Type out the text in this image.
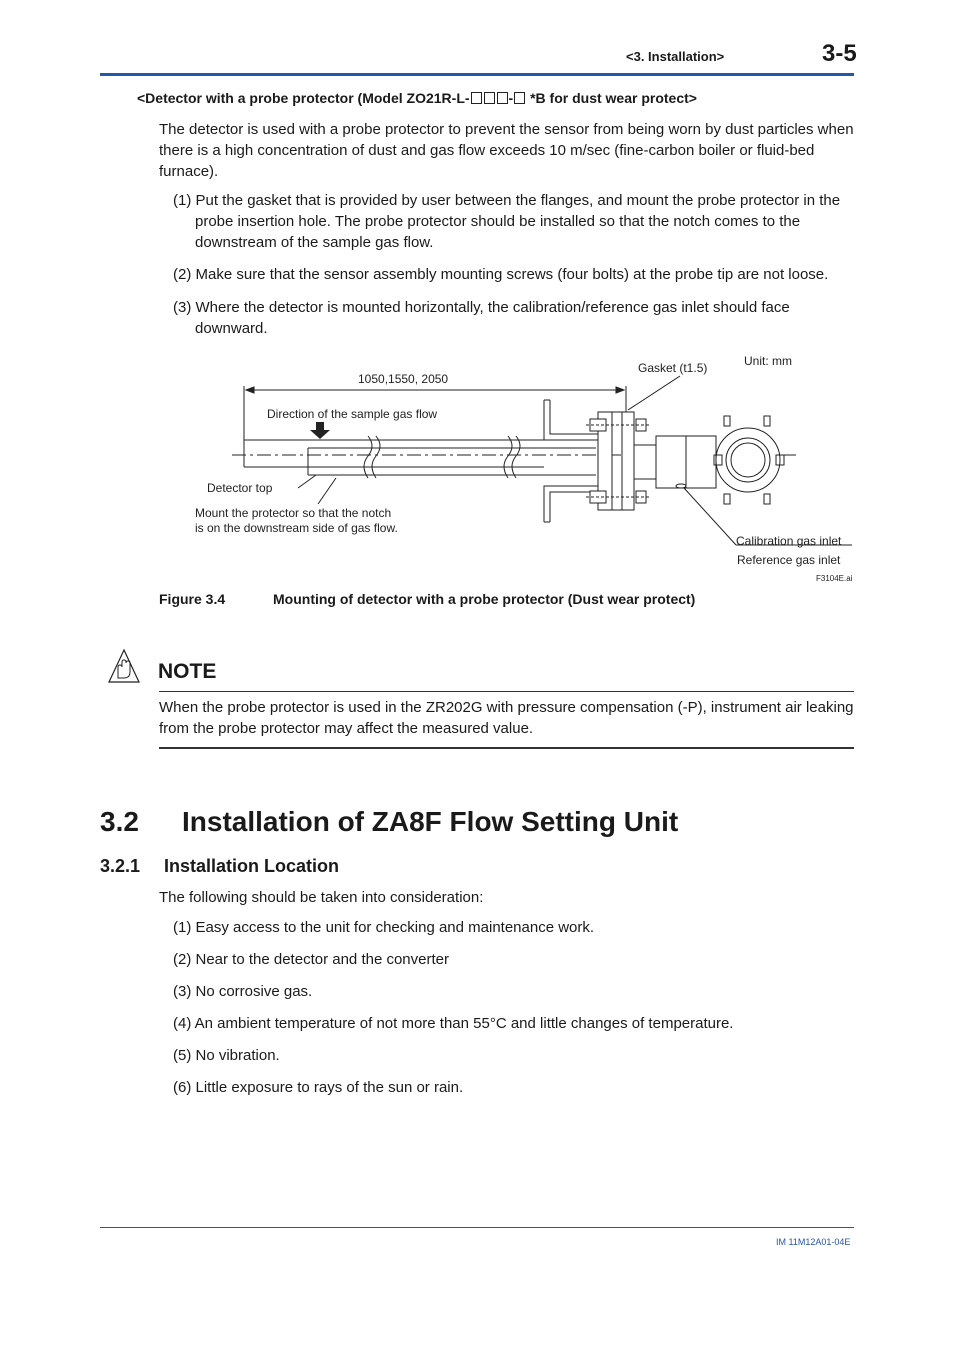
<3. Installation>	3-5
<Detector with a probe protector (Model ZO21R-L-	- *B for dust wear protect>
The detector is used with a probe protector to prevent the sensor from being worn by dust particles when there is a high concentration of dust and gas flow exceeds 10 m/sec (fine-carbon boiler or fluid-bed furnace).
(1) Put the gasket that is provided by user between the flanges, and mount the probe protector in the probe insertion hole. The probe protector should be installed so that the notch comes to the downstream of the sample gas flow.
(2) Make sure that the sensor assembly mounting screws (four bolts) at the probe tip are not loose.
(3) Where the detector is mounted horizontally, the calibration/reference gas inlet should face downward.
Unit: mm
Gasket (t1.5)
1050,1550, 2050
Direction of the sample gas flow
Detector top
Mount the protector so that the notch
is on the downstream side of gas flow.
Calibration gas inlet
Reference gas inlet
F3104E.ai
Figure 3.4	Mounting of detector with a probe protector (Dust wear protect)
NOTE
When the probe protector is used in the ZR202G with pressure compensation (-P), instrument air leaking from the probe protector may affect the measured value.
3.2 Installation of ZA8F Flow Setting Unit
3.2.1 Installation Location
The following should be taken into consideration:
(1) Easy access to the unit for checking and maintenance work.
(2) Near to the detector and the converter
(3) No corrosive gas.
(4) An ambient temperature of not more than 55°C and little changes of temperature.
(5) No vibration.
(6) Little exposure to rays of the sun or rain.
IM 11M12A01-04E
